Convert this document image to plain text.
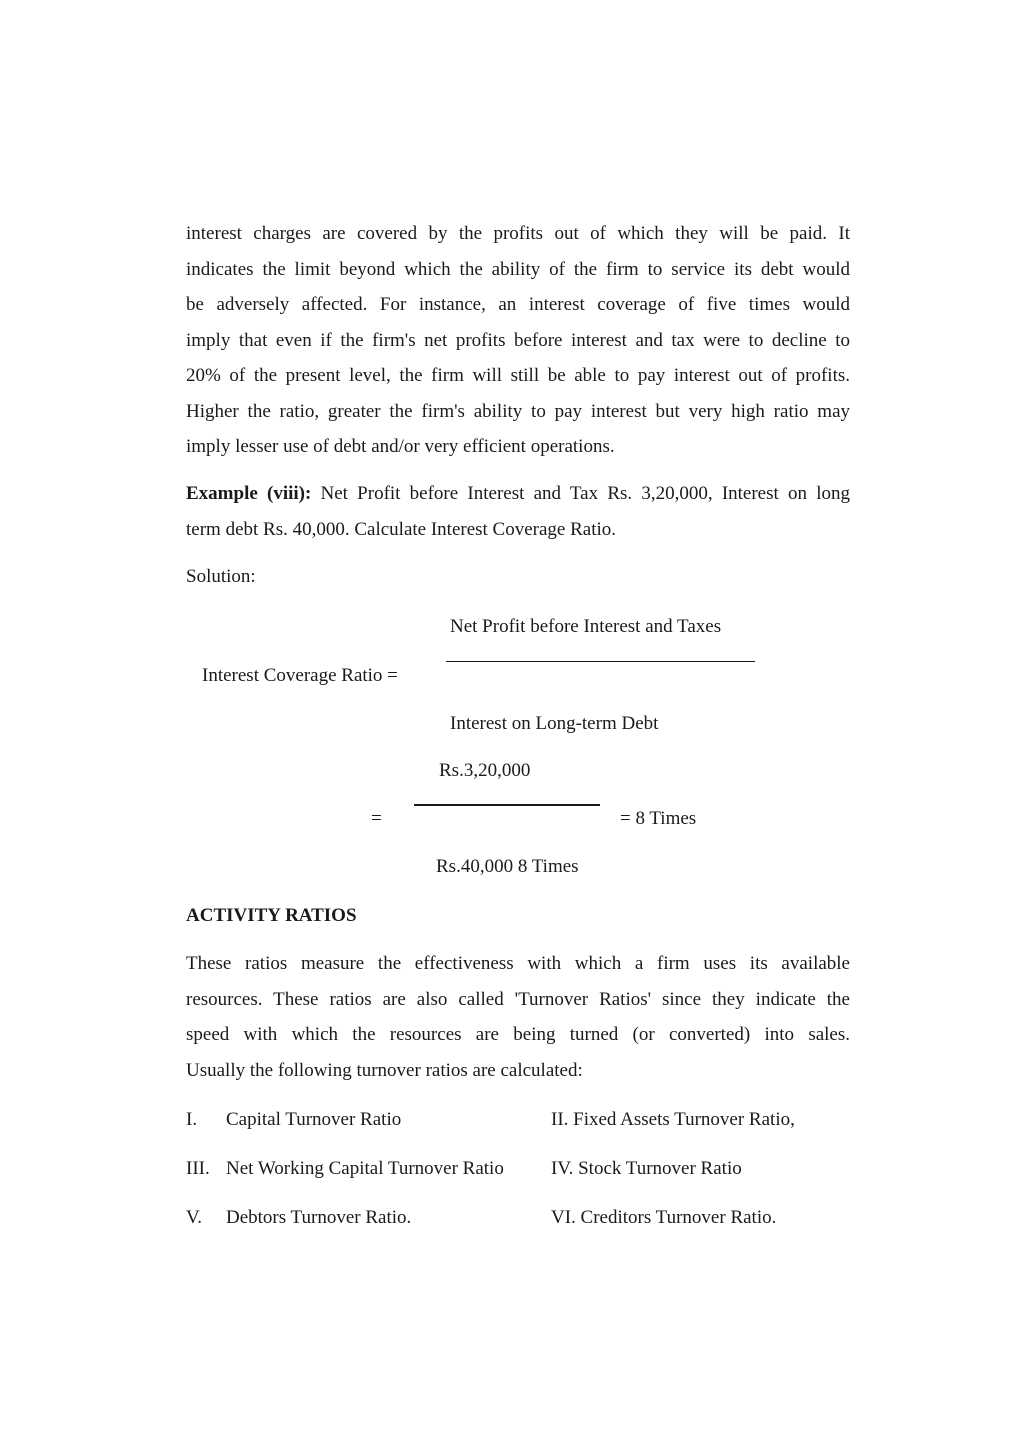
interest charges are covered by the profits out of which they will be paid. It
indicates the limit beyond which the ability of the firm to service its debt would
be adversely affected. For instance, an interest coverage of five times would
imply that even if the firm's net profits before interest and tax were to decline to
20% of the present level, the firm will still be able to pay interest out of profits.
Higher the ratio, greater the firm's ability to pay interest but very high ratio may
imply lesser use of debt and/or very efficient operations.
Example (viii): Net Profit before Interest and Tax Rs. 3,20,000, Interest on long
term debt Rs. 40,000. Calculate Interest Coverage Ratio.
Solution:
Net Profit before Interest and Taxes
Interest Coverage Ratio =
Interest on Long-term Debt
Rs.3,20,000
=	= 8 Times
Rs.40,000 8 Times
ACTIVITY RATIOS
These ratios measure the effectiveness with which a firm uses its available
resources. These ratios are also called 'Turnover Ratios' since they indicate the
speed with which the resources are being turned (or converted) into sales.
Usually the following turnover ratios are calculated:
I. Capital Turnover Ratio	II. Fixed Assets Turnover Ratio,
III. Net Working Capital Turnover Ratio IV. Stock Turnover Ratio
V. Debtors Turnover Ratio.	VI. Creditors Turnover Ratio.
